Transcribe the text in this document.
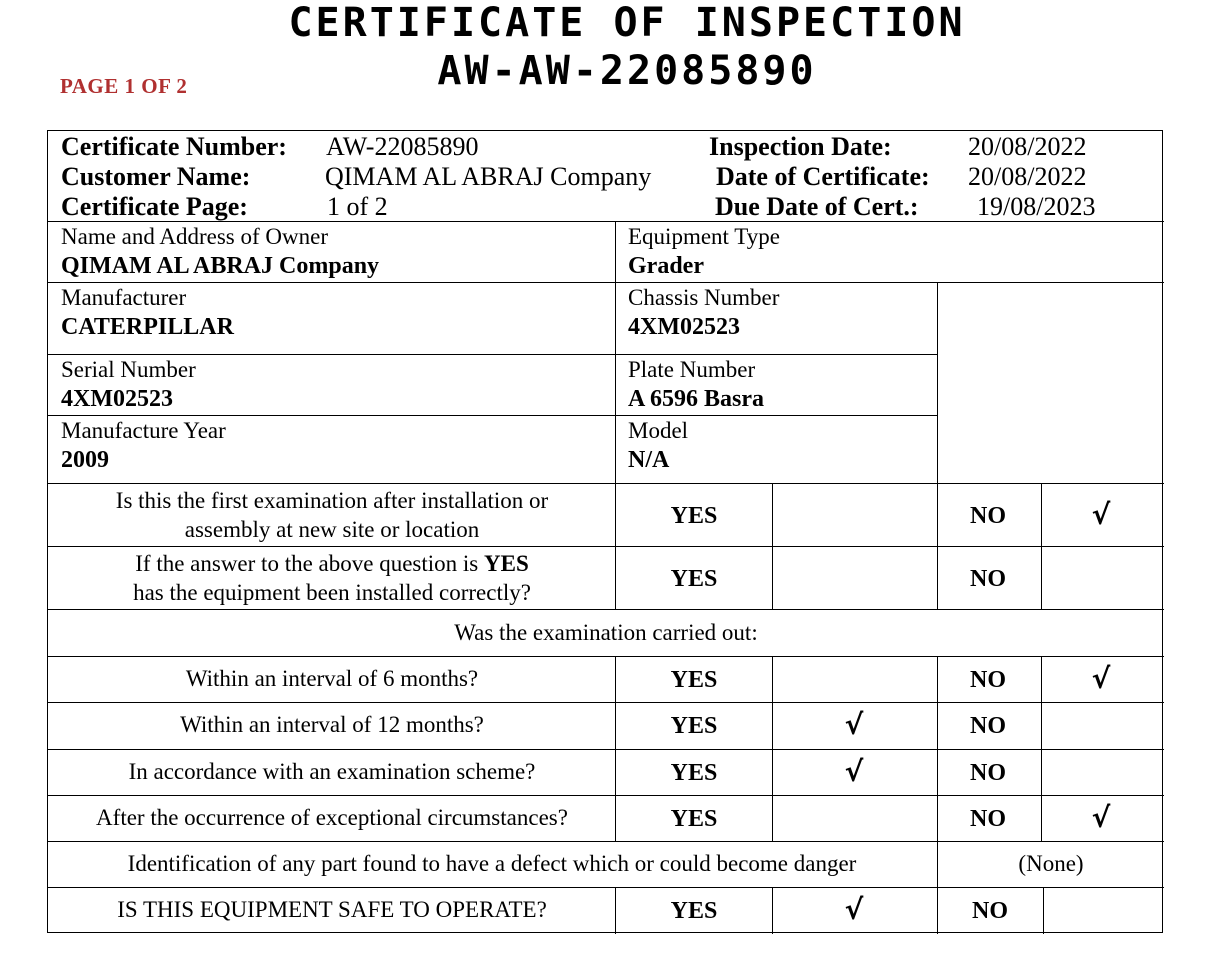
CERTIFICATE OF INSPECTION
AW-AW-22085890
PAGE 1 OF 2
Certificate Number: AW-22085890
Customer Name:	QIMAM AL ABRAJ Company
Certificate Page:	1 of 2
Inspection Date:	20/08/2022
Date of Certificate: 20/08/2022
Due Date of Cert.: 19/08/2023
Name and Address of Owner
QIMAM AL ABRAJ Company
Equipment Type
Grader
Manufacturer
CATERPILLAR
Chassis Number
4XM02523
Serial Number
4XM02523
Plate Number
A 6596 Basra
Manufacture Year
2009
Model
N/A
Is this the first examination after installation or
assembly at new site or location
YES	NO	√
If the answer to the above question is YES
has the equipment been installed correctly?
YES	NO
Was the examination carried out:
Within an interval of 6 months?	YES	NO	√
Within an interval of 12 months?	YES	√	NO
In accordance with an examination scheme?	YES	√	NO
After the occurrence of exceptional circumstances?	YES	NO	√
Identification of any part found to have a defect which or could become danger	(None)
IS THIS EQUIPMENT SAFE TO OPERATE?	YES	√	NO
